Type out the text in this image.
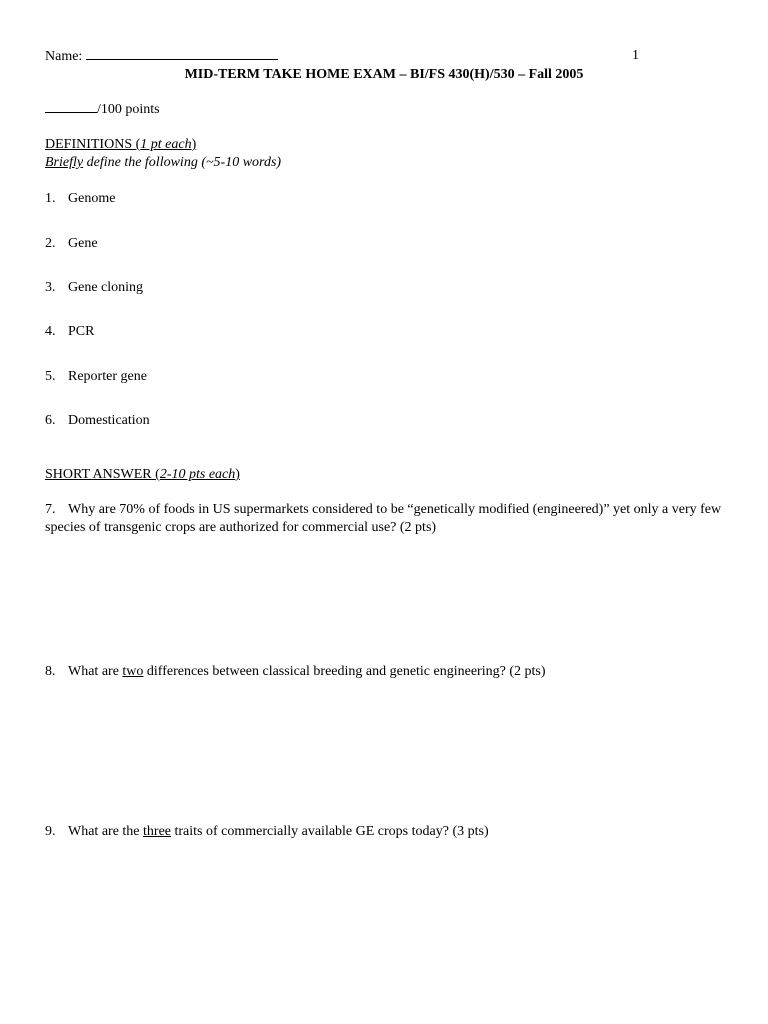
Name:	1
MID-TERM TAKE HOME EXAM – BI/FS 430(H)/530 – Fall 2005
/100 points
DEFINITIONS (1 pt each)
Briefly define the following (~5-10 words)
1. Genome
2. Gene
3. Gene cloning
4. PCR
5. Reporter gene
6. Domestication
SHORT ANSWER (2-10 pts each)
7. Why are 70% of foods in US supermarkets considered to be “genetically modified (engineered)” yet only a very few species of transgenic crops are authorized for commercial use? (2 pts)
8. What are two differences between classical breeding and genetic engineering? (2 pts)
9. What are the three traits of commercially available GE crops today? (3 pts)
